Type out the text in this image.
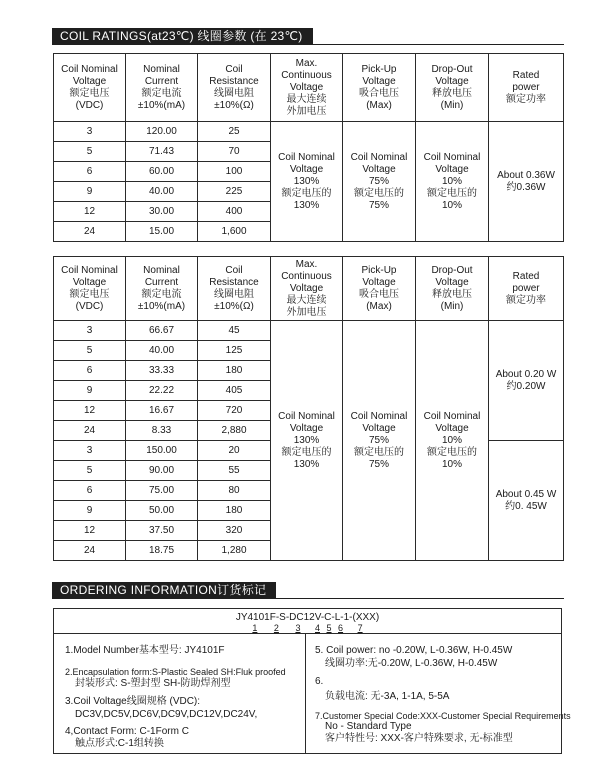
COIL RATINGS(at23℃) 线圈参数 (在 23℃)
Coil Nominal
Voltage
额定电压
(VDC)	Nominal
Current
额定电流
±10%(mA)	Coil
Resistance
线圈电阻
±10%(Ω)	Max.
Continuous
Voltage
最大连续
外加电压	Pick-Up
Voltage
吸合电压
(Max)	Drop-Out
Voltage
释放电压
(Min)	Rated
power
额定功率

3	120.00	25	Coil Nominal
Voltage
130%
额定电压的
130%	Coil Nominal
Voltage
75%
额定电压的
75%	Coil Nominal
Voltage
10%
额定电压的
10%	About 0.36W
约0.36W

5	71.43	70				
6	60.00	100				
9	40.00	225				
12	30.00	400				
24	15.00	1,600				
Coil Nominal
Voltage
额定电压
(VDC)	Nominal
Current
额定电流
±10%(mA)	Coil
Resistance
线圈电阻
±10%(Ω)	Max.
Continuous
Voltage
最大连续
外加电压	Pick-Up
Voltage
吸合电压
(Max)	Drop-Out
Voltage
释放电压
(Min)	Rated
power
额定功率

3	66.67	45	Coil Nominal
Voltage
130%
额定电压的
130%	Coil Nominal
Voltage
75%
额定电压的
75%	Coil Nominal
Voltage
10%
额定电压的
10%	About 0.20 W
约0.20W

5	40.00	125				
6	33.33	180				
9	22.22	405				
12	16.67	720				
24	8.33	2,880				
3	150.00	20				About 0.45 W
约0. 45W

5	90.00	55				
6	75.00	80				
9	50.00	180				
12	37.50	320				
24	18.75	1,280				
ORDERING INFORMATION订货标记
JY4101F-S-DC12V-C-L-1-(XXX)
1 2 3 4 5 6 7
1.Model Number基本型号: JY4101F
2.Encapsulation form:S-Plastic Sealed SH:Fluk proofed
封装形式: S-塑封型 SH-防助焊剂型
3.Coil Voltage线圈规格 (VDC):
DC3V,DC5V,DC6V,DC9V,DC12V,DC24V,
4,Contact Form: C-1Form C
触点形式:C-1组转换
5. Coil power: no -0.20W, L-0.36W, H-0.45W
线圈功率:无-0.20W, L-0.36W, H-0.45W
6.
负载电流: 无-3A, 1-1A, 5-5A
7.Customer Special Code:XXX-Customer Special Requirements
No - Standard Type
客户特性号: XXX-客户特殊要求, 无-标准型
